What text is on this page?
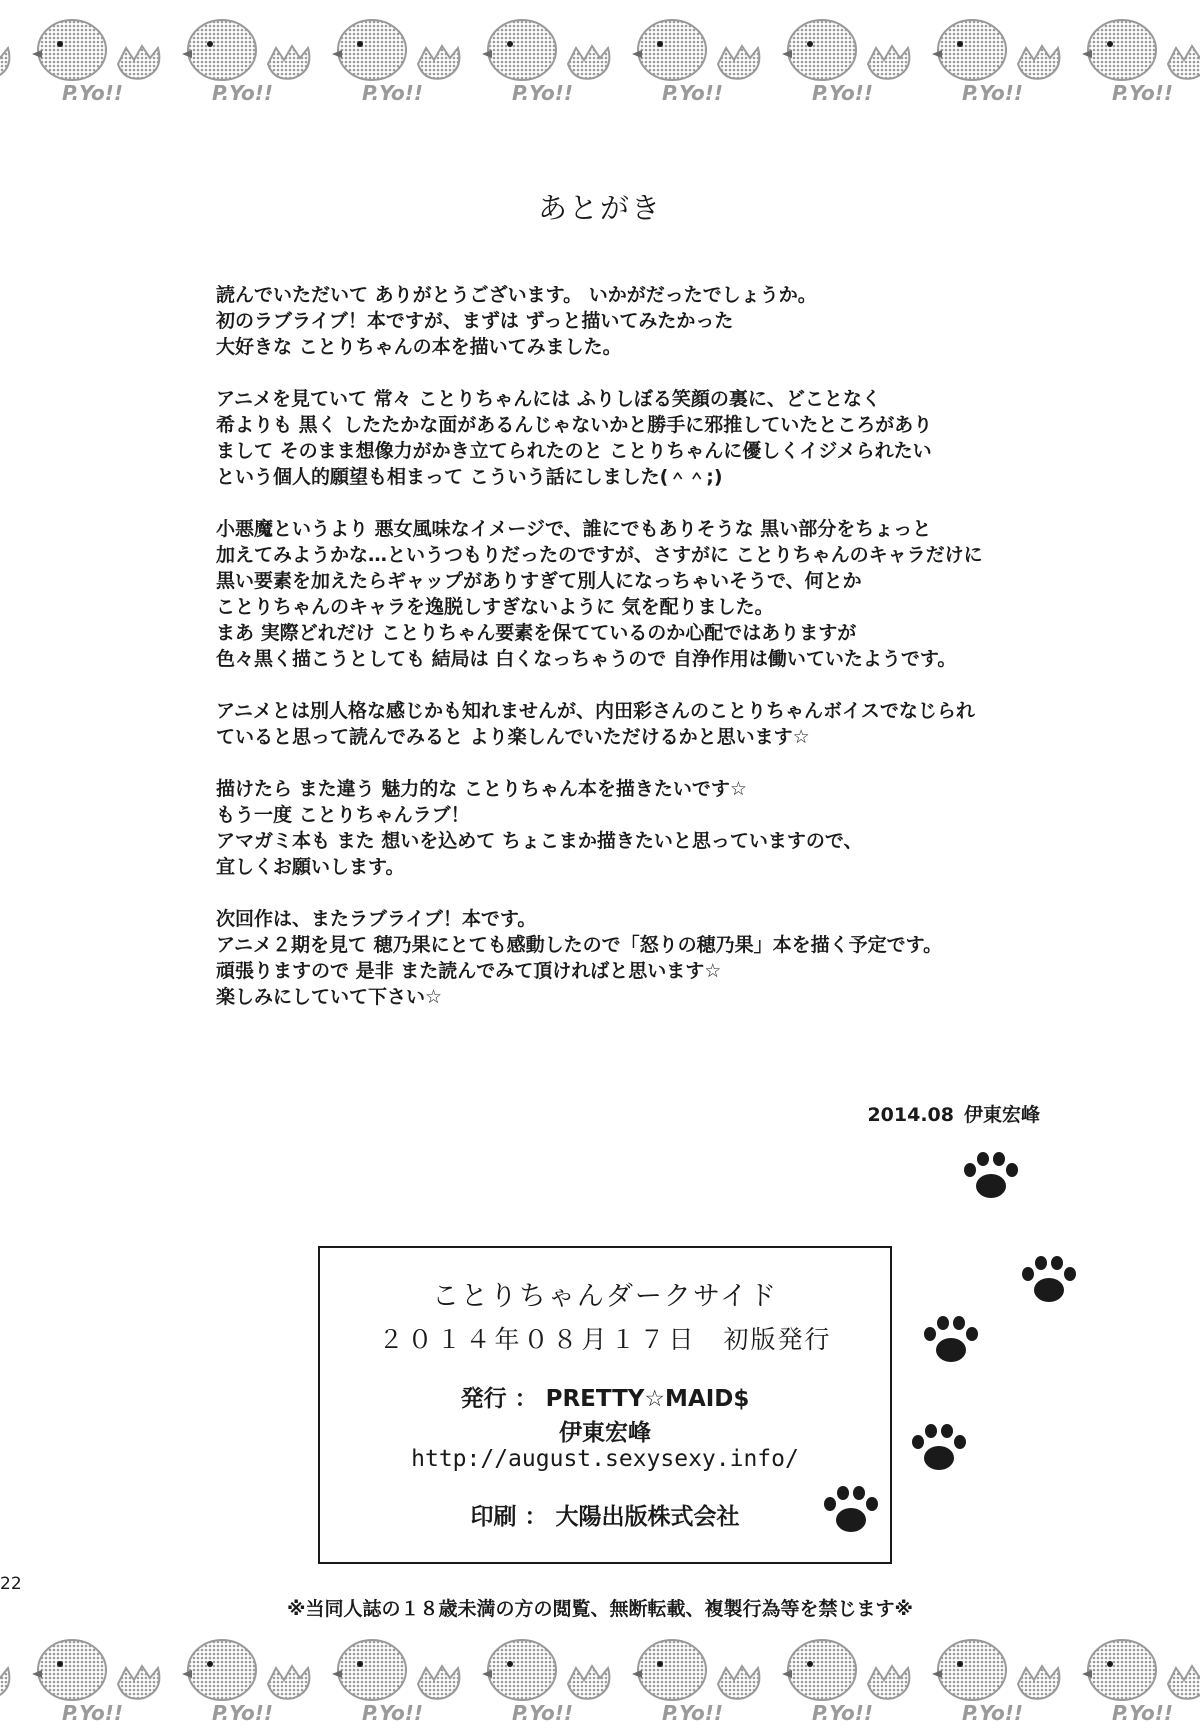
P.Yo!!	P.Yo!!	P.Yo!!	P.Yo!!	P.Yo!!	P.Yo!!	P.Yo!!	P.Yo!!
あとがき

読んでいただいて ありがとうございます。 いかがだったでしょうか。
初のラブライブ！本ですが、まずは ずっと描いてみたかった
大好きな ことりちゃんの本を描いてみました。

アニメを見ていて 常々 ことりちゃんには ふりしぼる笑顔の裏に、どことなく
希よりも 黒く したたかな面があるんじゃないかと勝手に邪推していたところがあり
まして そのまま想像力がかき立てられたのと ことりちゃんに優しくイジメられたい
という個人的願望も相まって こういう話にしました(＾＾;)

小悪魔というより 悪女風味なイメージで、誰にでもありそうな 黒い部分をちょっと
加えてみようかな…というつもりだったのですが、さすがに ことりちゃんのキャラだけに
黒い要素を加えたらギャップがありすぎて別人になっちゃいそうで、何とか
ことりちゃんのキャラを逸脱しすぎないように 気を配りました。
まあ 実際どれだけ ことりちゃん要素を保てているのか心配ではありますが
色々黒く描こうとしても 結局は 白くなっちゃうので 自浄作用は働いていたようです。

アニメとは別人格な感じかも知れませんが、内田彩さんのことりちゃんボイスでなじられ
ていると思って読んでみると より楽しんでいただけるかと思います☆

描けたら また違う 魅力的な ことりちゃん本を描きたいです☆
もう一度 ことりちゃんラブ！
アマガミ本も また 想いを込めて ちょこまか描きたいと思っていますので、
宜しくお願いします。

次回作は、またラブライブ！本です。
アニメ２期を見て 穂乃果にとても感動したので「怒りの穂乃果」本を描く予定です。
頑張りますので 是非 また読んでみて頂ければと思います☆
楽しみにしていて下さい☆

2014.08 伊東宏峰
ことりちゃんダークサイド
２０１４年０８月１７日 初版発行
発行 ： PRETTY☆MAID$
伊東宏峰
http://august.sexysexy.info/
印刷 ： 大陽出版株式会社
22
※当同人誌の１８歳未満の方の閲覧、無断転載、複製行為等を禁じます※
P.Yo!!	P.Yo!!	P.Yo!!	P.Yo!!	P.Yo!!	P.Yo!!	P.Yo!!	P.Yo!!
